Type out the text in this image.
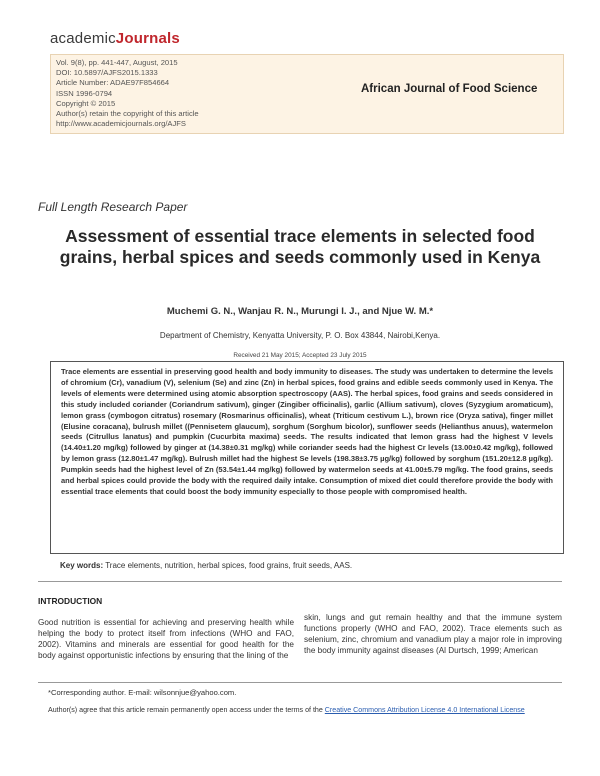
academicJournals
Vol. 9(8), pp. 441-447, August, 2015
DOI: 10.5897/AJFS2015.1333
Article Number: ADAE97F854664
ISSN 1996-0794
Copyright © 2015
Author(s) retain the copyright of this article
http://www.academicjournals.org/AJFS
African Journal of Food Science
Full Length Research Paper
Assessment of essential trace elements in selected food grains, herbal spices and seeds commonly used in Kenya
Muchemi G. N., Wanjau R. N., Murungi I. J., and Njue W. M.*
Department of Chemistry, Kenyatta University, P. O. Box 43844, Nairobi,Kenya.
Received 21 May 2015; Accepted 23 July 2015

Trace elements are essential in preserving good health and body immunity to diseases. The study was undertaken to determine the levels of chromium (Cr), vanadium (V), selenium (Se) and zinc (Zn) in herbal spices, food grains and edible seeds commonly used in Kenya. The levels of elements were determined using atomic absorption spectroscopy (AAS). The herbal spices, food grains and seeds considered in this study included coriander (Coriandrum sativum), ginger (Zingiber officinalis), garlic (Allium sativum), cloves (Syzygium aromaticum), lemon grass (cymbogon citratus) rosemary (Rosmarinus officinalis), wheat (Triticum cestivum L.), brown rice (Oryza sativa), finger millet (Elusine coracana), bulrush millet ((Pennisetem glaucum), sorghum (Sorghum bicolor), sunflower seeds (Helianthus anuus), watermelon seeds (Citrullus lanatus) and pumpkin (Cucurbita maxima) seeds. The results indicated that lemon grass had the highest V levels (14.40±1.20 mg/kg) followed by ginger at (14.38±0.31 mg/kg) while coriander seeds had the highest Cr levels (13.00±0.42 mg/kg), followed by lemon grass (12.80±1.47 mg/kg). Bulrush millet had the highest Se levels (198.38±3.75 µg/kg) followed by sorghum (151.20±12.8 µg/kg). Pumpkin seeds had the highest level of Zn (53.54±1.44 mg/kg) followed by watermelon seeds at 41.00±5.79 mg/kg. The food grains, seeds and herbal spices could provide the body with the required daily intake. Consumption of mixed diet could therefore provide the body with essential trace elements that could boost the body immunity especially to those people with compromised health.

Key words: Trace elements, nutrition, herbal spices, food grains, fruit seeds, AAS.
INTRODUCTION
Good nutrition is essential for achieving and preserving health while helping the body to protect itself from infections (WHO and FAO, 2002). Vitamins and minerals are essential for good health for the body against opportunistic infections by ensuring that the lining of the
skin, lungs and gut remain healthy and that the immune system functions properly (WHO and FAO, 2002). Trace elements such as selenium, zinc, chromium and vanadium play a major role in improving the body immunity against diseases (Al Durtsch, 1999; American
*Corresponding author. E-mail: wilsonnjue@yahoo.com.
Author(s) agree that this article remain permanently open access under the terms of the Creative Commons Attribution License 4.0 International License
